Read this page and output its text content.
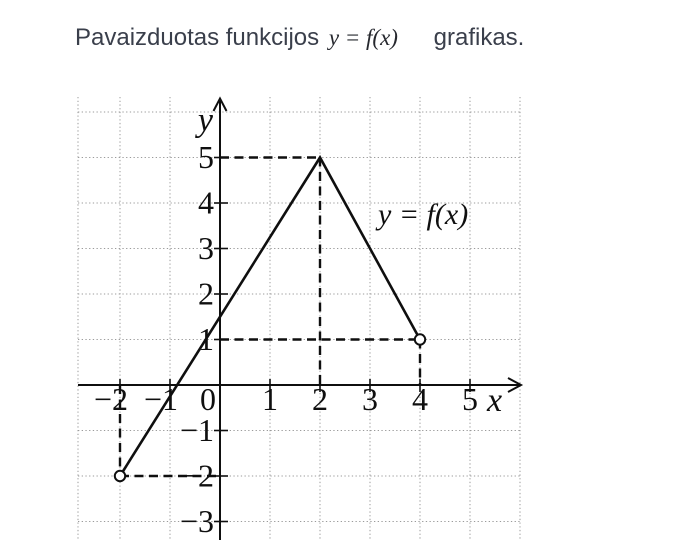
Pavaizduotas funkcijos y = f(x) grafikas.
−2 −1 0 1 2 3 4 5
5
4
3
2
1
−1
−2
−3
y
x
y = f(x)
